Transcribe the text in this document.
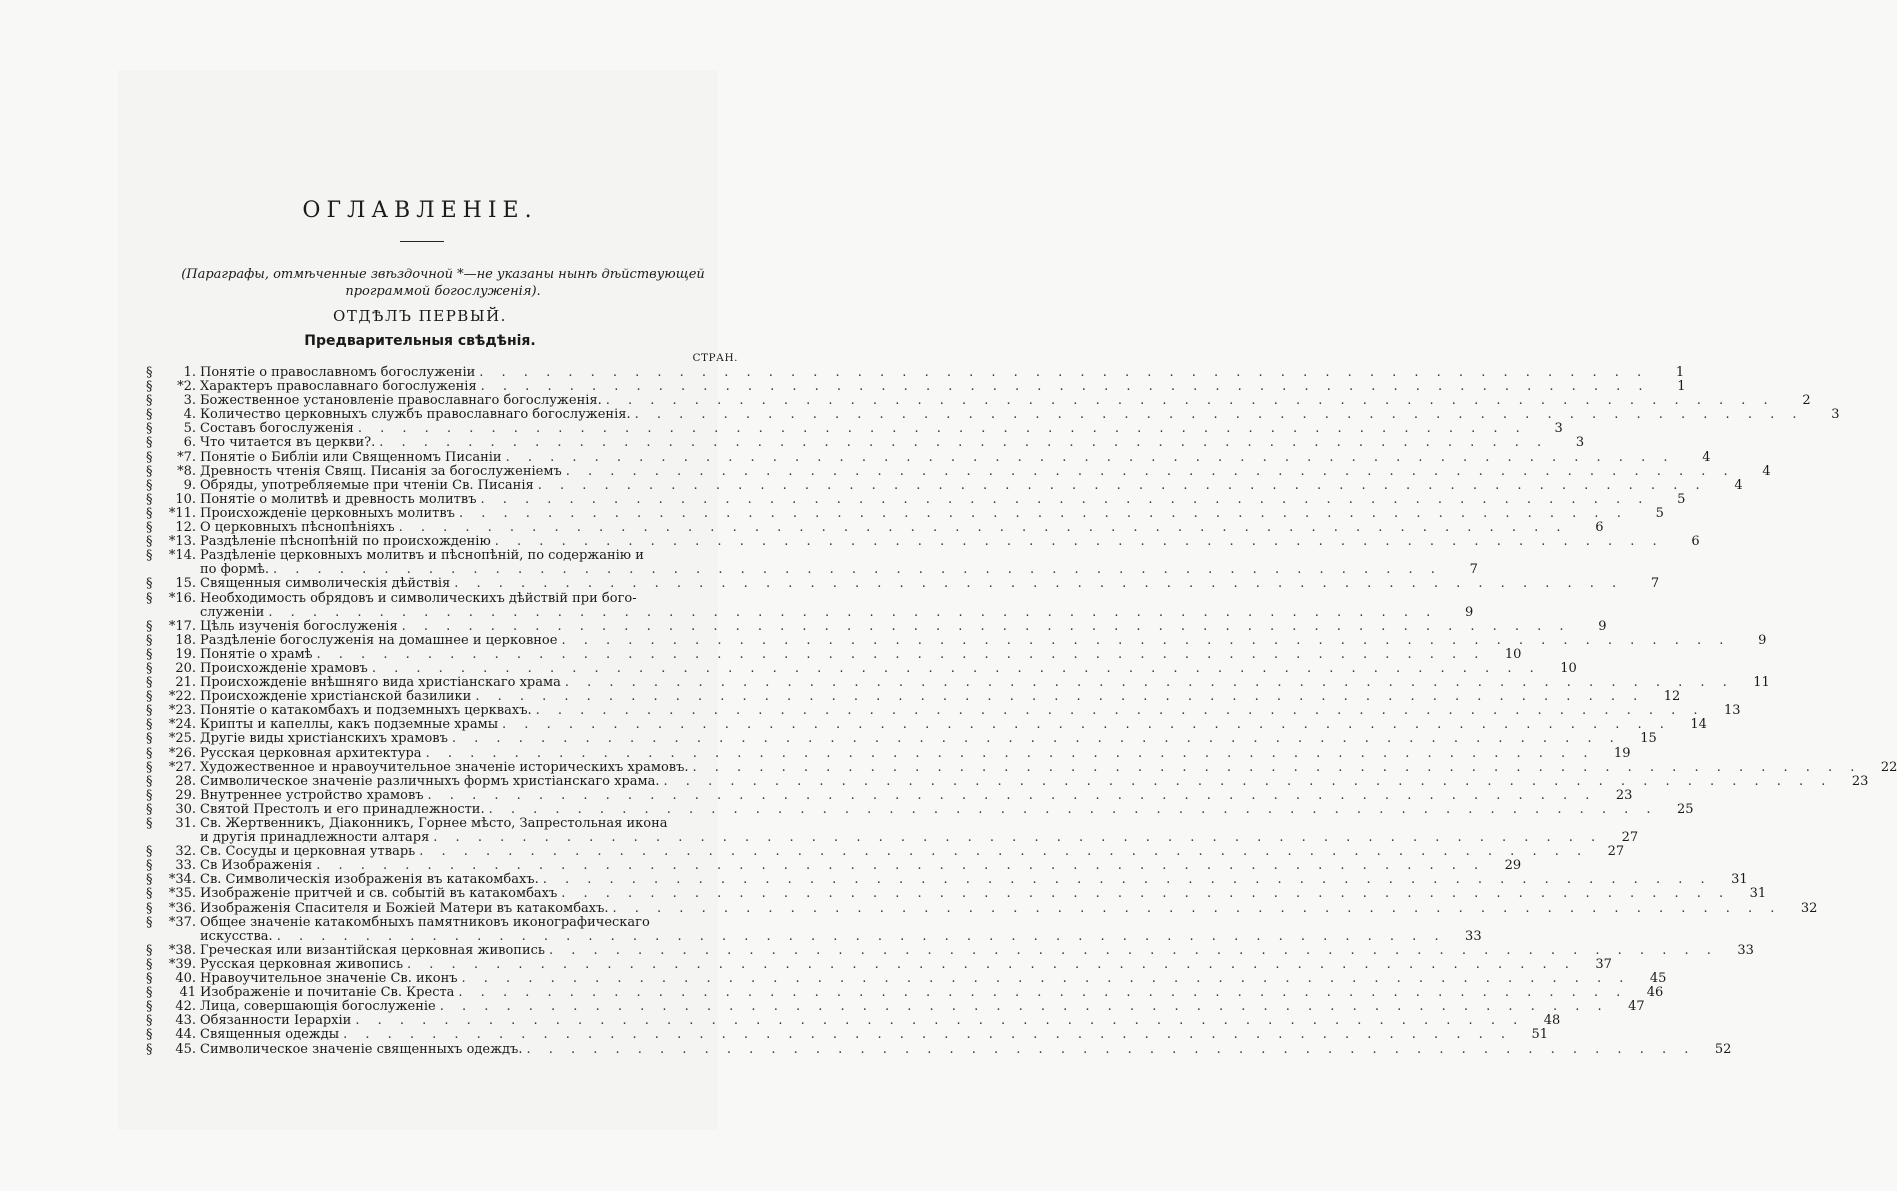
ОГЛАВЛЕНІЕ.
(Параграфы, отмѣченные звѣздочной *—не указаны нынѣ дѣйствующей программой богослуженія).
ОТДѢЛЪ ПЕРВЫЙ.
Предварительныя свѣдѣнія.
СТРАН.
§	1. Понятіе о православномъ богослуженіи . . .	1
§	*2. Характеръ православнаго богослуженія . . .	1
§	3. Божественное установленіе православнаго богослуженія. . . .	2
§	4. Количество церковныхъ службъ православнаго богослуженія. . . .	3
§	5. Составъ богослуженія . . .	3
§	6. Что читается въ церкви?. . . .	3
§	*7. Понятіе о Библіи или Священномъ Писаніи . . .	4
§	*8. Древность чтенія Свящ. Писанія за богослуженіемъ . . .	4
§	9. Обряды, употребляемые при чтеніи Св. Писанія . . .	4
§	10. Понятіе о молитвѣ и древность молитвъ . . .	5
§	*11. Происхожденіе церковныхъ молитвъ . . .	5
§	12. О церковныхъ пѣснопѣніяхъ . . .	6
§	*13. Раздѣленіе пѣснопѣній по происхожденію . . .	6
§	*14. Раздѣленіе церковныхъ молитвъ и пѣснопѣній, по содержанію и
по формѣ. . . .	7
§	15. Священныя символическія дѣйствія . . .	7
§	*16. Необходимость обрядовъ и символическихъ дѣйствій при бого-
служеніи . . .	9
§	*17. Цѣль изученія богослуженія . . .	9
§	18. Раздѣленіе богослуженія на домашнее и церковное . . .	9
§	19. Понятіе о храмѣ . . .	10
§	20. Происхожденіе храмовъ . . .	10
§	21. Происхожденіе внѣшняго вида христіанскаго храма . . .	11
§	*22. Происхожденіе христіанской базилики . . .	12
§	*23. Понятіе о катакомбахъ и подземныхъ церквахъ. . . .	13
§	*24. Крипты и капеллы, какъ подземные храмы . . .	14
§	*25. Другіе виды христіанскихъ храмовъ . . .	15
§	*26. Русская церковная архитектура . . .	19
§	*27. Художественное и нравоучительное значеніе историческихъ храмовъ. . . .	22
§	28. Символическое значеніе различныхъ формъ христіанскаго храма. . . .	23
§	29. Внутреннее устройство храмовъ . . .	23
§	30. Святой Престолъ и его принадлежности. . . .	25
§	31. Св. Жертвенникъ, Діаконникъ, Горнее мѣсто, Запрестольная икона
и другія принадлежности алтаря . . .	27
§	32. Св. Сосуды и церковная утварь . . .	27
§	33. Св Изображенія . . .	29
§	*34. Св. Символическія изображенія въ катакомбахъ. . . .	31
§	*35. Изображеніе притчей и св. событій въ катакомбахъ . . .	31
§	*36. Изображенія Спасителя и Божіей Матери въ катакомбахъ. . . .	32
§	*37. Общее значеніе катакомбныхъ памятниковъ иконографическаго
искусства. . . .	33
§	*38. Греческая или византійская церковная живопись . . .	33
§	*39. Русская церковная живопись . . .	37
§	40. Нравоучительное значеніе Св. иконъ . . .	45
§	41 Изображеніе и почитаніе Св. Креста . . .	46
§	42. Лица, совершающія богослуженіе . . .	47
§	43. Обязанности Іерархіи . . .	48
§	44. Священныя одежды . . .	51
§	45. Символическое значеніе священныхъ одеждъ. . . .	52
